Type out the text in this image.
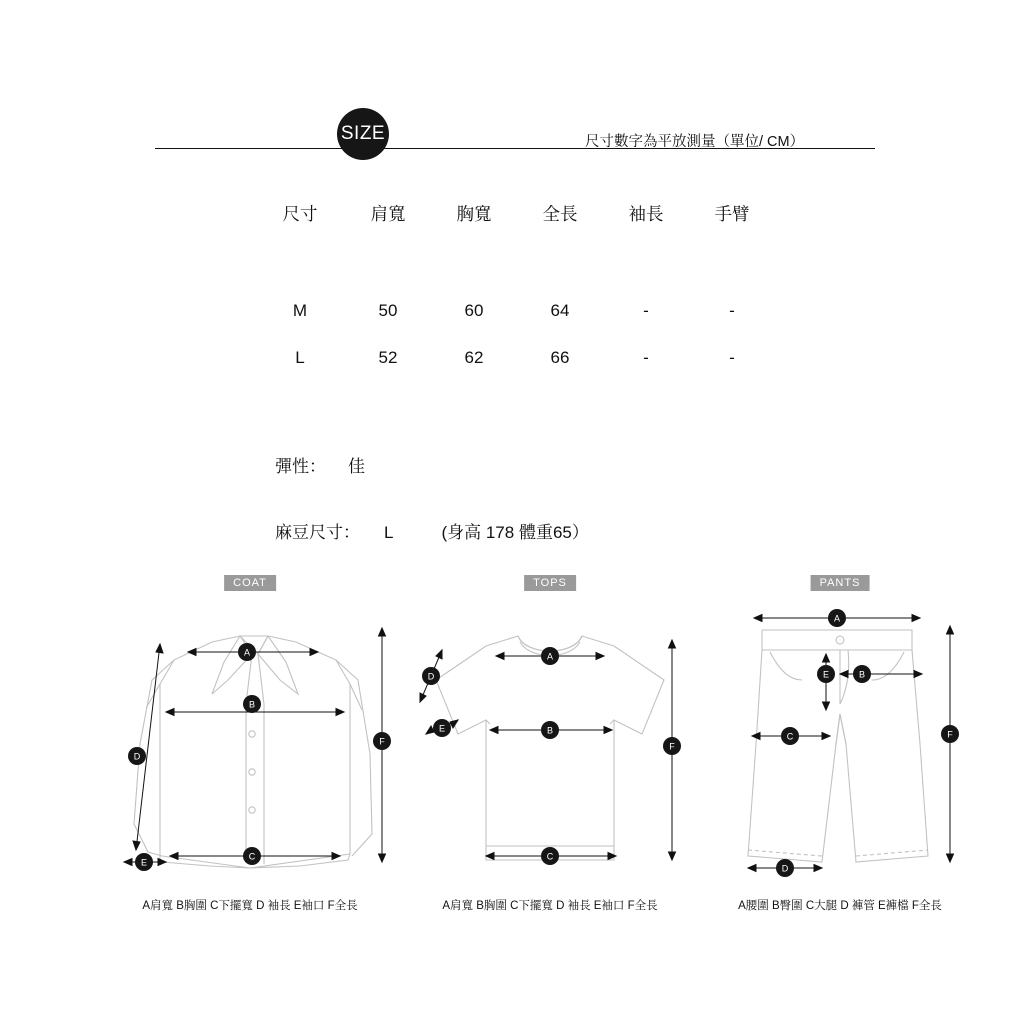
尺寸數字為平放測量（單位/ CM）
SIZE
尺寸	肩寬	胸寬	全長	袖長	手臂

M	50	60	64	-	-
L	52	62	66	-	-
彈性： 佳
麻豆尺寸： L	(身高 178 體重65）
COAT
A
B
C
D
E
F
A肩寬 B胸圍 C下擺寬 D 袖長 E袖口 F全長
TOPS
A
B
C
D
E
F
A肩寬 B胸圍 C下擺寬 D 袖長 E袖口 F全長
PANTS
A
B
C
D
E
F
A腰圍 B臀圍 C大腿 D 褲管 E褲檔 F全長
